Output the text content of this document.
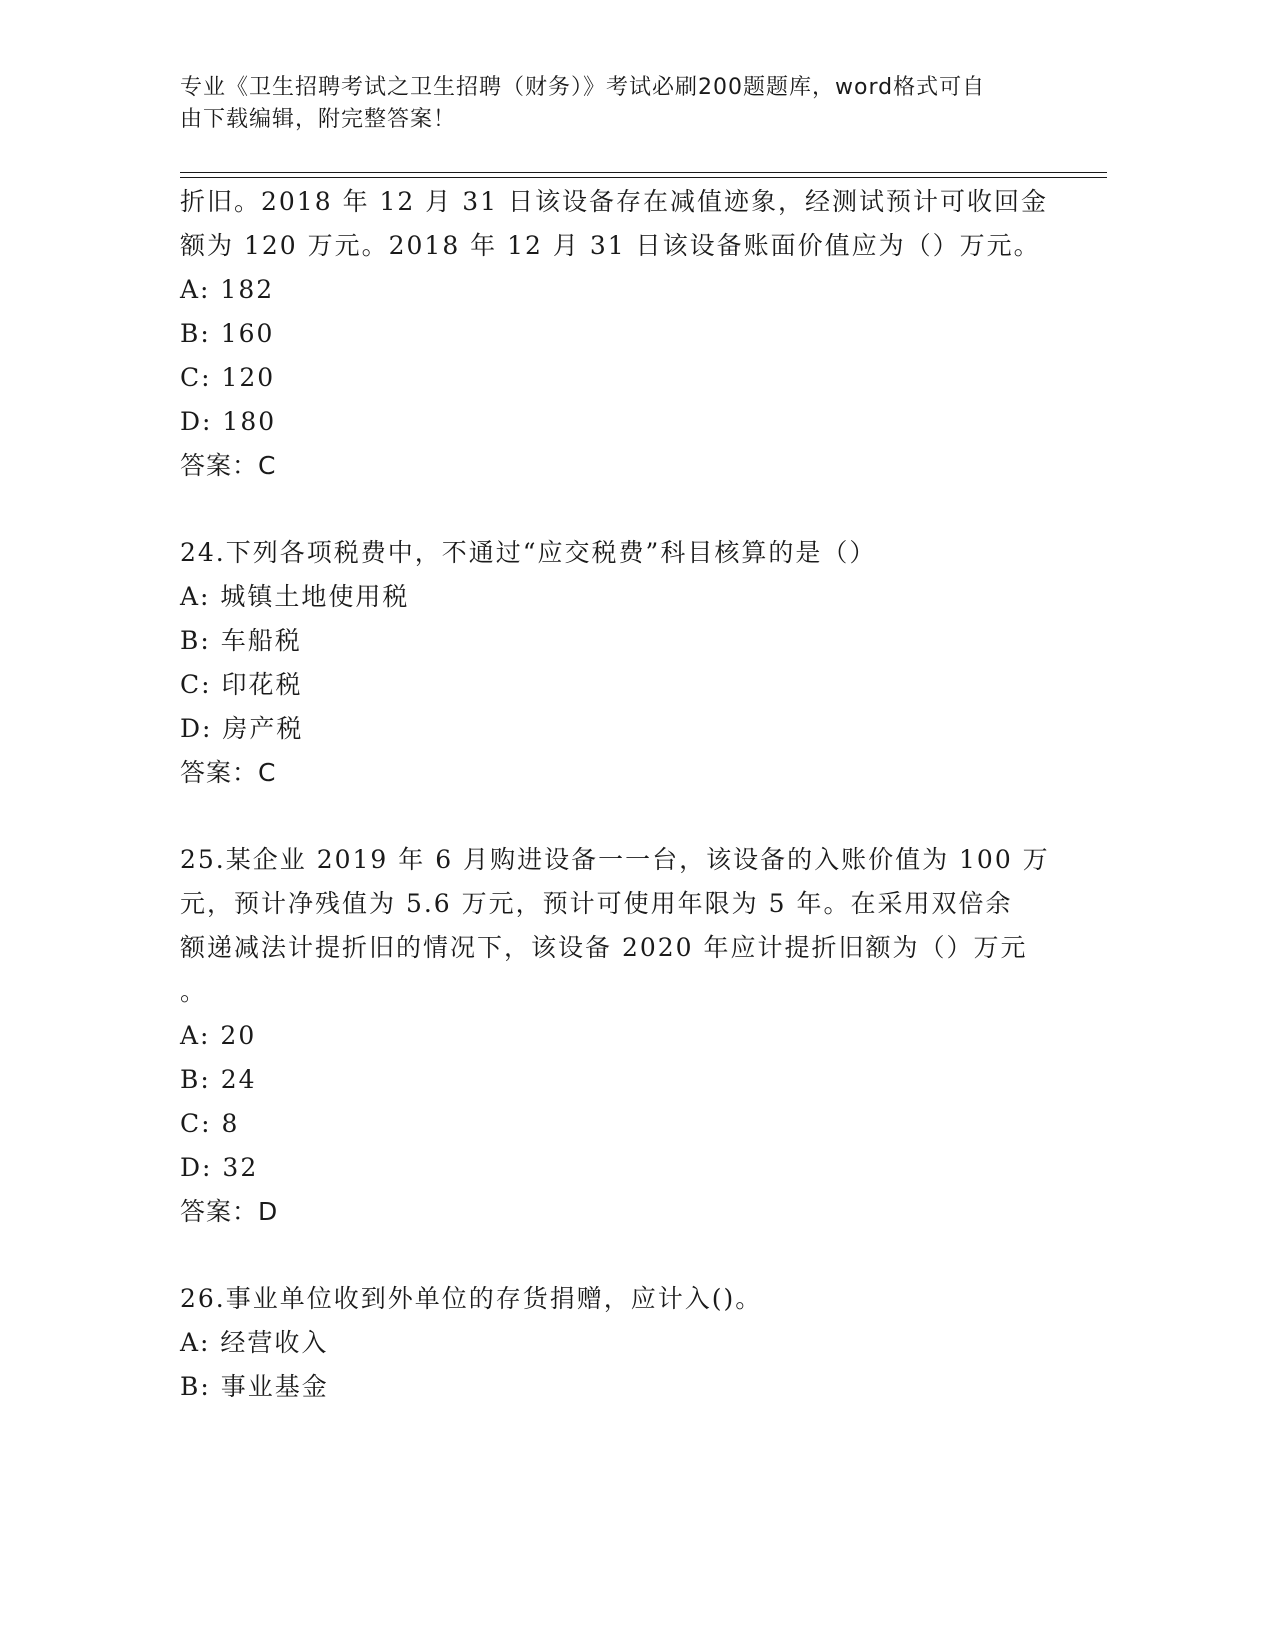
专业《卫生招聘考试之卫生招聘（财务）》考试必刷200题题库，word格式可自
由下载编辑，附完整答案！
折旧。2018 年 12 月 31 日该设备存在减值迹象，经测试预计可收回金
额为 120 万元。2018 年 12 月 31 日该设备账面价值应为（）万元。
A: 182
B: 160
C: 120
D: 180
答案：C
24.下列各项税费中，不通过“应交税费”科目核算的是（）
A: 城镇土地使用税
B: 车船税
C: 印花税
D: 房产税
答案：C
25.某企业 2019 年 6 月购进设备一一台，该设备的入账价值为 100 万
元，预计净残值为 5.6 万元，预计可使用年限为 5 年。在采用双倍余
额递减法计提折旧的情况下，该设备 2020 年应计提折旧额为（）万元
。
A: 20
B: 24
C: 8
D: 32
答案：D
26.事业单位收到外单位的存货捐赠，应计入()。
A: 经营收入
B: 事业基金
